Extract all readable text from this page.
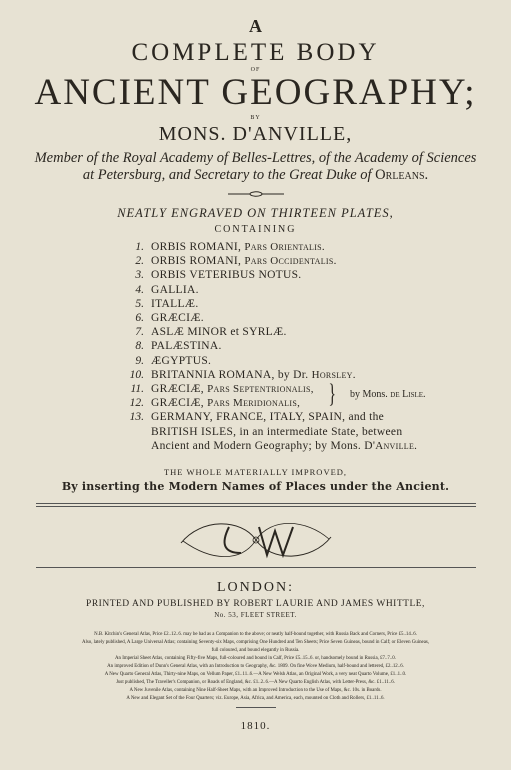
A
COMPLETE BODY
OF
ANCIENT GEOGRAPHY;
BY
MONS. D'ANVILLE,
Member of the Royal Academy of Belles-Lettres, of the Academy of Sciences
at Petersburg, and Secretary to the Great Duke of Orleans.
NEATLY ENGRAVED ON THIRTEEN PLATES,
CONTAINING
1. ORBIS ROMANI, Pars Orientalis.
2. ORBIS ROMANI, Pars Occidentalis.
3. ORBIS VETERIBUS NOTUS.
4. GALLIA.
5. ITALLÆ.
6. GRÆCIÆ.
7. ASLÆ MINOR et SYRLÆ.
8. PALÆSTINA.
9. ÆGYPTUS.
10. BRITANNIA ROMANA, by Dr. Horsley.
11. GRÆCIÆ, Pars Septentrionalis,
12. GRÆCIÆ, Pars Meridionalis,	} by Mons. de Lisle.
13. GERMANY, FRANCE, ITALY, SPAIN, and the
BRITISH ISLES, in an intermediate State, between
Ancient and Modern Geography; by Mons. D'Anville.
THE WHOLE MATERIALLY IMPROVED,
By inserting the Modern Names of Places under the Ancient.
LONDON:
PRINTED AND PUBLISHED BY ROBERT LAURIE AND JAMES WHITTLE,
No. 53, FLEET STREET.
N.B. Kitchin's General Atlas, Price £2..12..6. may be had as a Companion to the above; or neatly half-bound together, with Russia Back and Corners, Price £5..14..6.
Also, lately published, A Large Universal Atlas; containing Seventy-six Maps, comprising One Hundred and Ten Sheets; Price Seven Guineas, bound in Calf; or Eleven Guineas,
full coloured, and bound elegantly in Russia.
An Imperial Sheet Atlas, containing Fifty-five Maps, full-coloured and bound in Calf, Price £5..15..6. or, handsomely bound in Russia, £7..7..0.
An improved Edition of Dunn's General Atlas, with an Introduction to Geography, &c. 1809. On fine Wove Medium, half-bound and lettered, £2..12..6.
A New Quarto General Atlas, Thirty-nine Maps, on Vellum Paper, £1..11..6.—A New Welsh Atlas, an Original Work, a very neat Quarto Volume, £1..1..0.
Just published, The Traveller's Companion, or Roads of England, &c. £1..2..6.—A New Quarto English Atlas, with Letter-Press, &c. £1..11..6.
A New Juvenile Atlas, containing Nine Half-Sheet Maps, with an Improved Introduction to the Use of Maps, &c. 10s. in Boards.
A New and Elegant Set of the Four Quarters; viz. Europe, Asia, Africa, and America, each, mounted on Cloth and Rollers, £1..11..6.
1810.
